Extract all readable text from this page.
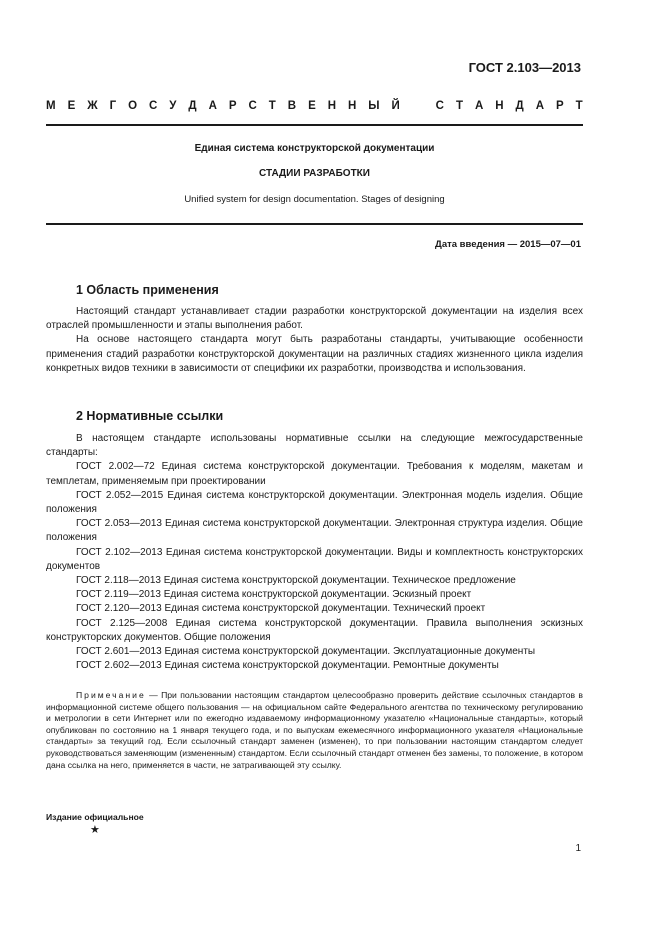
ГОСТ 2.103—2013
М Е Ж Г О С У Д А Р С Т В Е Н Н Ы Й	С Т А Н Д А Р Т
Единая система конструкторской документации
СТАДИИ РАЗРАБОТКИ
Unified system for design documentation. Stages of designing
Дата введения — 2015—07—01
1 Область применения

Настоящий стандарт устанавливает стадии разработки конструкторской документации на изделия всех отраслей промышленности и этапы выполнения работ.

На основе настоящего стандарта могут быть разработаны стандарты, учитывающие особенности применения стадий разработки конструкторской документации на различных стадиях жизненного цикла изделия конкретных видов техники в зависимости от специфики их разработки, производства и использования.

2 Нормативные ссылки

В настоящем стандарте использованы нормативные ссылки на следующие межгосударственные стандарты:

ГОСТ 2.002—72 Единая система конструкторской документации. Требования к моделям, макетам и темплетам, применяемым при проектировании

ГОСТ 2.052—2015 Единая система конструкторской документации. Электронная модель изделия. Общие положения

ГОСТ 2.053—2013 Единая система конструкторской документации. Электронная структура изделия. Общие положения

ГОСТ 2.102—2013 Единая система конструкторской документации. Виды и комплектность конструкторских документов

ГОСТ 2.118—2013 Единая система конструкторской документации. Техническое предложение

ГОСТ 2.119—2013 Единая система конструкторской документации. Эскизный проект

ГОСТ 2.120—2013 Единая система конструкторской документации. Технический проект

ГОСТ 2.125—2008 Единая система конструкторской документации. Правила выполнения эскизных конструкторских документов. Общие положения

ГОСТ 2.601—2013 Единая система конструкторской документации. Эксплуатационные документы

ГОСТ 2.602—2013 Единая система конструкторской документации. Ремонтные документы

Примечание — При пользовании настоящим стандартом целесообразно проверить действие ссылочных стандартов в информационной системе общего пользования — на официальном сайте Федерального агентства по техническому регулированию и метрологии в сети Интернет или по ежегодно издаваемому информационному указателю «Национальные стандарты», который опубликован по состоянию на 1 января текущего года, и по выпускам ежемесячного информационного указателя «Национальные стандарты» за текущий год. Если ссылочный стандарт заменен (изменен), то при пользовании настоящим стандартом следует руководствоваться заменяющим (измененным) стандартом. Если ссылочный стандарт отменен без замены, то положение, в котором дана ссылка на него, применяется в части, не затрагивающей эту ссылку.

Издание официальное
★
1
